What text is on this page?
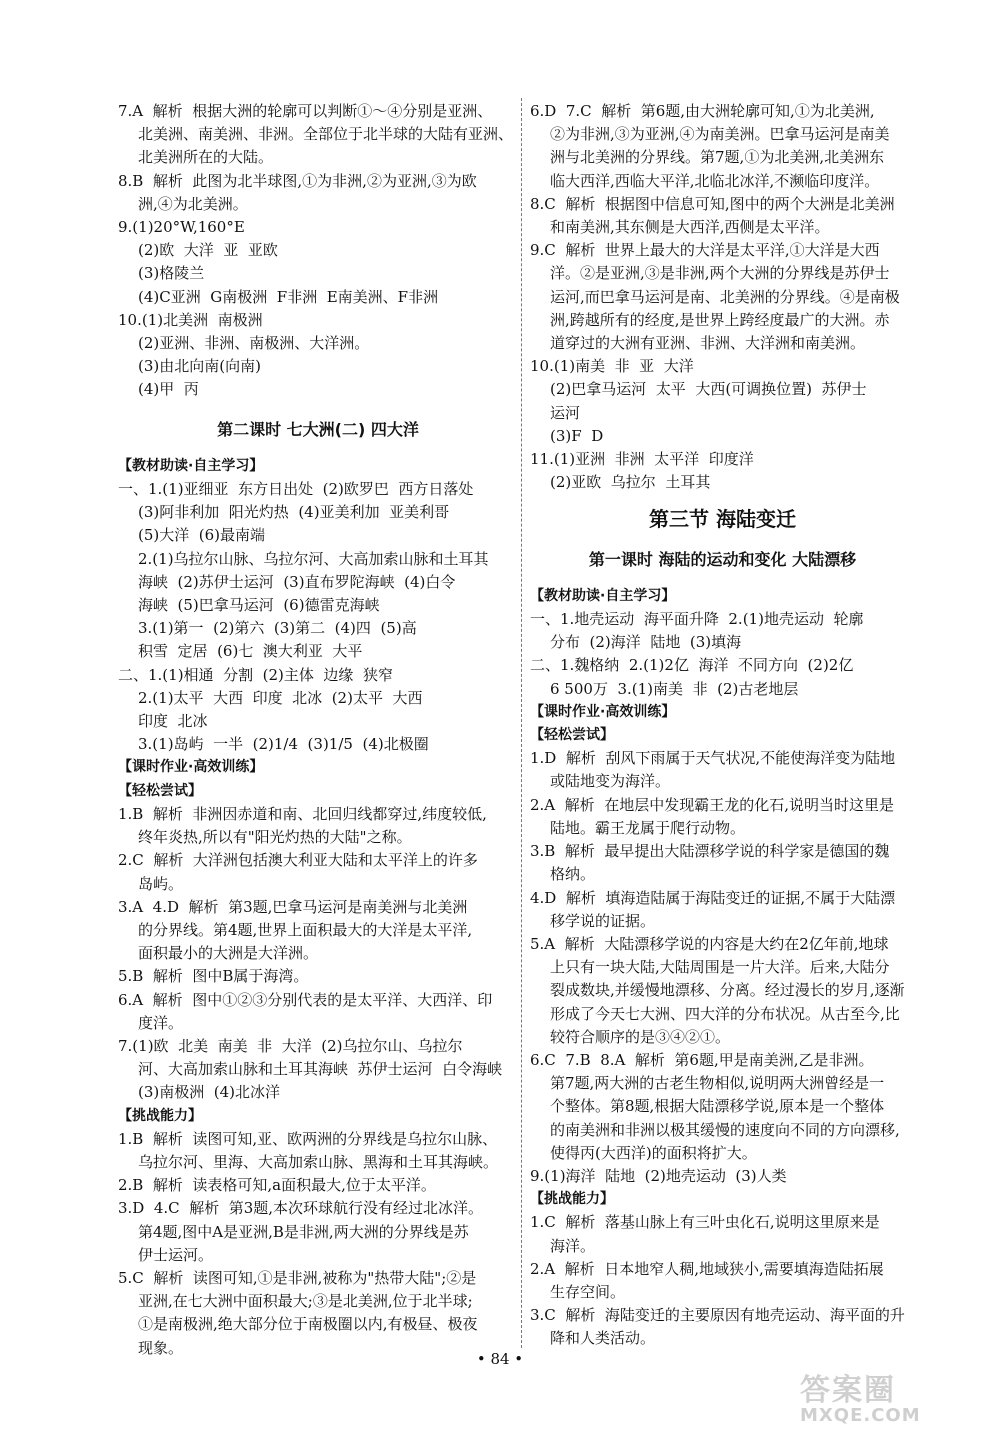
7.A  解析  根据大洲的轮廓可以判断①～④分别是亚洲、
北美洲、南美洲、非洲。全部位于北半球的大陆有亚洲、
北美洲所在的大陆。
8.B  解析  此图为北半球图,①为非洲,②为亚洲,③为欧
洲,④为北美洲。
9.(1)20°W,160°E
(2)欧  大洋  亚  亚欧
(3)格陵兰
(4)C亚洲  G南极洲  F非洲  E南美洲、F非洲
10.(1)北美洲  南极洲
(2)亚洲、非洲、南极洲、大洋洲。
(3)由北向南(向南)
(4)甲  丙
第二课时 七大洲(二) 四大洋
【教材助读·自主学习】
一、1.(1)亚细亚  东方日出处  (2)欧罗巴  西方日落处
(3)阿非利加  阳光灼热  (4)亚美利加  亚美利哥
(5)大洋  (6)最南端
2.(1)乌拉尔山脉、乌拉尔河、大高加索山脉和土耳其
海峡  (2)苏伊士运河  (3)直布罗陀海峡  (4)白令
海峡  (5)巴拿马运河  (6)德雷克海峡
3.(1)第一  (2)第六  (3)第二  (4)四  (5)高
积雪  定居  (6)七  澳大利亚  大平
二、1.(1)相通  分割  (2)主体  边缘  狭窄
2.(1)太平  大西  印度  北冰  (2)太平  大西
印度  北冰
3.(1)岛屿  一半  (2)1/4  (3)1/5  (4)北极圈
【课时作业·高效训练】
【轻松尝试】
1.B  解析  非洲因赤道和南、北回归线都穿过,纬度较低,
终年炎热,所以有"阳光灼热的大陆"之称。
2.C  解析  大洋洲包括澳大利亚大陆和太平洋上的许多
岛屿。
3.A  4.D  解析  第3题,巴拿马运河是南美洲与北美洲
的分界线。第4题,世界上面积最大的大洋是太平洋,
面积最小的大洲是大洋洲。
5.B  解析  图中B属于海湾。
6.A  解析  图中①②③分别代表的是太平洋、大西洋、印
度洋。
7.(1)欧  北美  南美  非  大洋  (2)乌拉尔山、乌拉尔
河、大高加索山脉和土耳其海峡  苏伊士运河  白令海峡
(3)南极洲  (4)北冰洋
【挑战能力】
1.B  解析  读图可知,亚、欧两洲的分界线是乌拉尔山脉、
乌拉尔河、里海、大高加索山脉、黑海和土耳其海峡。
2.B  解析  读表格可知,a面积最大,位于太平洋。
3.D  4.C  解析  第3题,本次环球航行没有经过北冰洋。
第4题,图中A是亚洲,B是非洲,两大洲的分界线是苏
伊士运河。
5.C  解析  读图可知,①是非洲,被称为"热带大陆";②是
亚洲,在七大洲中面积最大;③是北美洲,位于北半球;
①是南极洲,绝大部分位于南极圈以内,有极昼、极夜
现象。
6.D  7.C  解析  第6题,由大洲轮廓可知,①为北美洲,
②为非洲,③为亚洲,④为南美洲。巴拿马运河是南美
洲与北美洲的分界线。第7题,①为北美洲,北美洲东
临大西洋,西临大平洋,北临北冰洋,不濒临印度洋。
8.C  解析  根据图中信息可知,图中的两个大洲是北美洲
和南美洲,其东侧是大西洋,西侧是太平洋。
9.C  解析  世界上最大的大洋是太平洋,①大洋是大西
洋。②是亚洲,③是非洲,两个大洲的分界线是苏伊士
运河,而巴拿马运河是南、北美洲的分界线。④是南极
洲,跨越所有的经度,是世界上跨经度最广的大洲。赤
道穿过的大洲有亚洲、非洲、大洋洲和南美洲。
10.(1)南美  非  亚  大洋
(2)巴拿马运河  太平  大西(可调换位置)  苏伊士
运河
(3)F  D
11.(1)亚洲  非洲  太平洋  印度洋
(2)亚欧  乌拉尔  土耳其
第三节 海陆变迁
第一课时 海陆的运动和变化 大陆漂移
【教材助读·自主学习】
一、1.地壳运动  海平面升降  2.(1)地壳运动  轮廓
分布  (2)海洋  陆地  (3)填海
二、1.魏格纳  2.(1)2亿  海洋  不同方向  (2)2亿
6 500万  3.(1)南美  非  (2)古老地层
【课时作业·高效训练】
【轻松尝试】
1.D  解析  刮风下雨属于天气状况,不能使海洋变为陆地
或陆地变为海洋。
2.A  解析  在地层中发现霸王龙的化石,说明当时这里是
陆地。霸王龙属于爬行动物。
3.B  解析  最早提出大陆漂移学说的科学家是德国的魏
格纳。
4.D  解析  填海造陆属于海陆变迁的证据,不属于大陆漂
移学说的证据。
5.A  解析  大陆漂移学说的内容是大约在2亿年前,地球
上只有一块大陆,大陆周围是一片大洋。后来,大陆分
裂成数块,并缓慢地漂移、分离。经过漫长的岁月,逐渐
形成了今天七大洲、四大洋的分布状况。从古至今,比
较符合顺序的是③④②①。
6.C  7.B  8.A  解析  第6题,甲是南美洲,乙是非洲。
第7题,两大洲的古老生物相似,说明两大洲曾经是一
个整体。第8题,根据大陆漂移学说,原本是一个整体
的南美洲和非洲以极其缓慢的速度向不同的方向漂移,
使得丙(大西洋)的面积将扩大。
9.(1)海洋  陆地  (2)地壳运动  (3)人类
【挑战能力】
1.C  解析  落基山脉上有三叶虫化石,说明这里原来是
海洋。
2.A  解析  日本地窄人稠,地域狭小,需要填海造陆拓展
生存空间。
3.C  解析  海陆变迁的主要原因有地壳运动、海平面的升
降和人类活动。
• 84 •
答案圈
MXQE.COM
